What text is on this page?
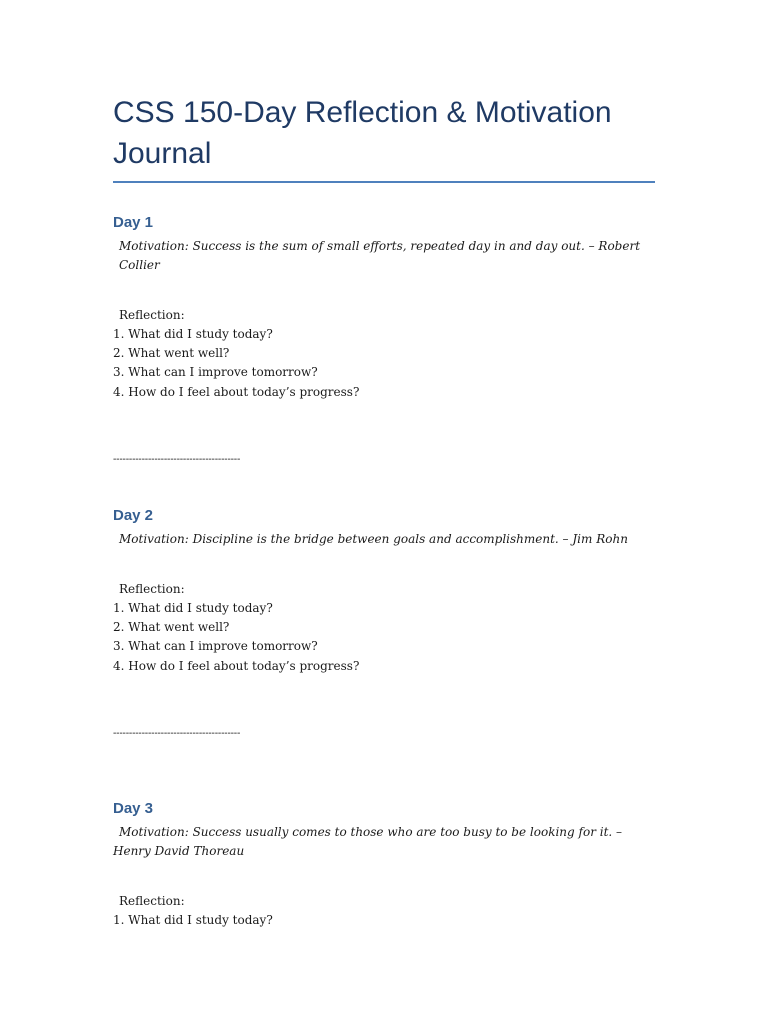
CSS 150-Day Reflection & Motivation Journal
Day 1

Motivation: Success is the sum of small efforts, repeated day in and day out. – Robert Collier

Reflection:

1. What did I study today?
2. What went well?
3. What can I improve tomorrow?
4. How do I feel about today’s progress?

----------------------------------------

Day 2

Motivation: Discipline is the bridge between goals and accomplishment. – Jim Rohn

Reflection:

1. What did I study today?
2. What went well?
3. What can I improve tomorrow?
4. How do I feel about today’s progress?

----------------------------------------

Day 3

Motivation: Success usually comes to those who are too busy to be looking for it. – Henry David Thoreau

Reflection:

1. What did I study today?
